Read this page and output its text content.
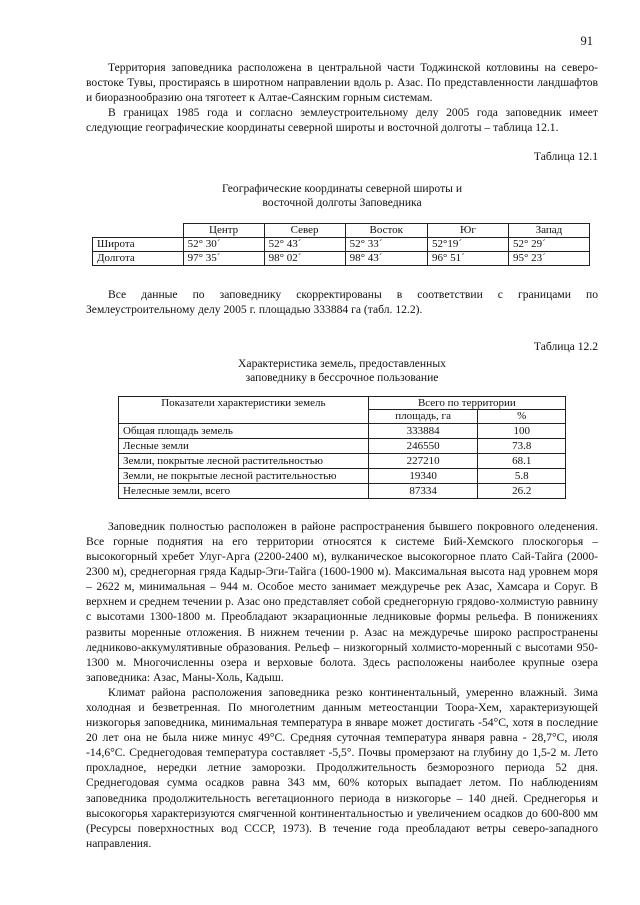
91

Территория заповедника расположена в центральной части Тоджинской котловины на северо-востоке Тувы, простираясь в широтном направлении вдоль р. Азас. По представленности ландшафтов и биоразнообразию она тяготеет к Алтае-Саянским горным системам.

В границах 1985 года и согласно землеустроительному делу 2005 года заповедник имеет следующие географические координаты северной широты и восточной долготы – таблица 12.1.

Таблица 12.1
Географические координаты северной широты и
восточной долготы Заповедника
	Центр	Север	Восток	Юг	Запад
Широта	52° 30´	52° 43´	52° 33´	52°19´	52° 29´
Долгота	97° 35´	98° 02´	98° 43´	96° 51´	95° 23´

Все данные по заповеднику скорректированы в соответствии с границами по Землеустроительному делу 2005 г. площадью 333884 га (табл. 12.2).

Таблица 12.2
Характеристика земель, предоставленных
заповеднику в бессрочное пользование
Показатели характеристики земель	Всего по территории	
	площадь, га	%
Общая площадь земель	333884	100
Лесные земли	246550	73.8
Земли, покрытые лесной растительностью	227210	68.1
Земли, не покрытые лесной растительностью	19340	5.8
Нелесные земли, всего	87334	26.2

Заповедник полностью расположен в районе распространения бывшего покровного оледенения. Все горные поднятия на его территории относятся к системе Бий-Хемского плоскогорья – высокогорный хребет Улуг-Арга (2200-2400 м), вулканическое высокогорное плато Сай-Тайга (2000-2300 м), среднегорная гряда Кадыр-Эги-Тайга (1600-1900 м). Максимальная высота над уровнем моря – 2622 м, минимальная – 944 м. Особое место занимает междуречье рек Азас, Хамсара и Соруг. В верхнем и среднем течении р. Азас оно представляет собой среднегорную грядово-холмистую равнину с высотами 1300-1800 м. Преобладают экзарационные ледниковые формы рельефа. В понижениях развиты моренные отложения. В нижнем течении р. Азас на междуречье широко распространены ледниково-аккумулятивные образования. Рельеф – низкогорный холмисто-моренный с высотами 950-1300 м. Многочисленны озера и верховые болота. Здесь расположены наиболее крупные озера заповедника: Азас, Маны-Холь, Кадыш.

Климат района расположения заповедника резко континентальный, умеренно влажный. Зима холодная и безветренная. По многолетним данным метеостанции Тоора-Хем, характеризующей низкогорья заповедника, минимальная температура в январе может достигать -54°С, хотя в последние 20 лет она не была ниже минус 49°С. Средняя суточная температура января равна - 28,7°С, июля -14,6°С. Среднегодовая температура составляет -5,5°. Почвы промерзают на глубину до 1,5-2 м. Лето прохладное, нередки летние заморозки. Продолжительность безморозного периода 52 дня. Среднегодовая сумма осадков равна 343 мм, 60% которых выпадает летом. По наблюдениям заповедника продолжительность вегетационного периода в низкогорье – 140 дней. Среднегорья и высокогорья характеризуются смягченной континентальностью и увеличением осадков до 600-800 мм (Ресурсы поверхностных вод СССР, 1973). В течение года преобладают ветры северо-западного направления.
